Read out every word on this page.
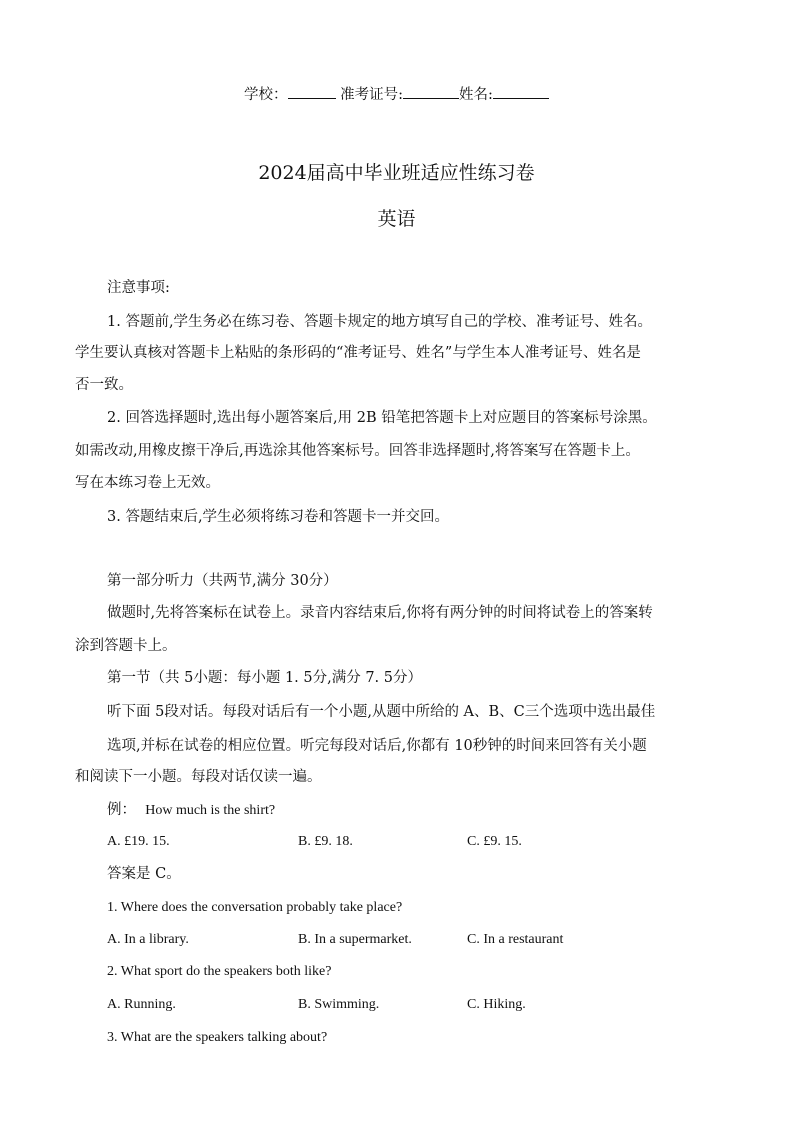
学校：	准考证号:	姓名:
2024届高中毕业班适应性练习卷
英语
注意事项:
1. 答题前,学生务必在练习卷、答题卡规定的地方填写自己的学校、准考证号、姓名。
学生要认真核对答题卡上粘贴的条形码的“准考证号、姓名”与学生本人准考证号、姓名是
否一致。
2. 回答选择题时,选出每小题答案后,用 2B 铅笔把答题卡上对应题目的答案标号涂黑。
如需改动,用橡皮擦干净后,再选涂其他答案标号。回答非选择题时,将答案写在答题卡上。
写在本练习卷上无效。
3. 答题结束后,学生必须将练习卷和答题卡一并交回。
第一部分听力（共两节,满分 30分）
做题时,先将答案标在试卷上。录音内容结束后,你将有两分钟的时间将试卷上的答案转
涂到答题卡上。
第一节（共 5小题：每小题 1. 5分,满分 7. 5分）
听下面 5段对话。每段对话后有一个小题,从题中所给的 A、B、C三个选项中选出最佳
选项,并标在试卷的相应位置。听完每段对话后,你都有 10秒钟的时间来回答有关小题
和阅读下一小题。每段对话仅读一遍。
例： How much is the shirt?
A. £19. 15.	B. £9. 18.	C. £9. 15.
答案是 C。
1. Where does the conversation probably take place?
A. In a library.	B. In a supermarket.	C. In a restaurant
2. What sport do the speakers both like?
A. Running.	B. Swimming.	C. Hiking.
3. What are the speakers talking about?
